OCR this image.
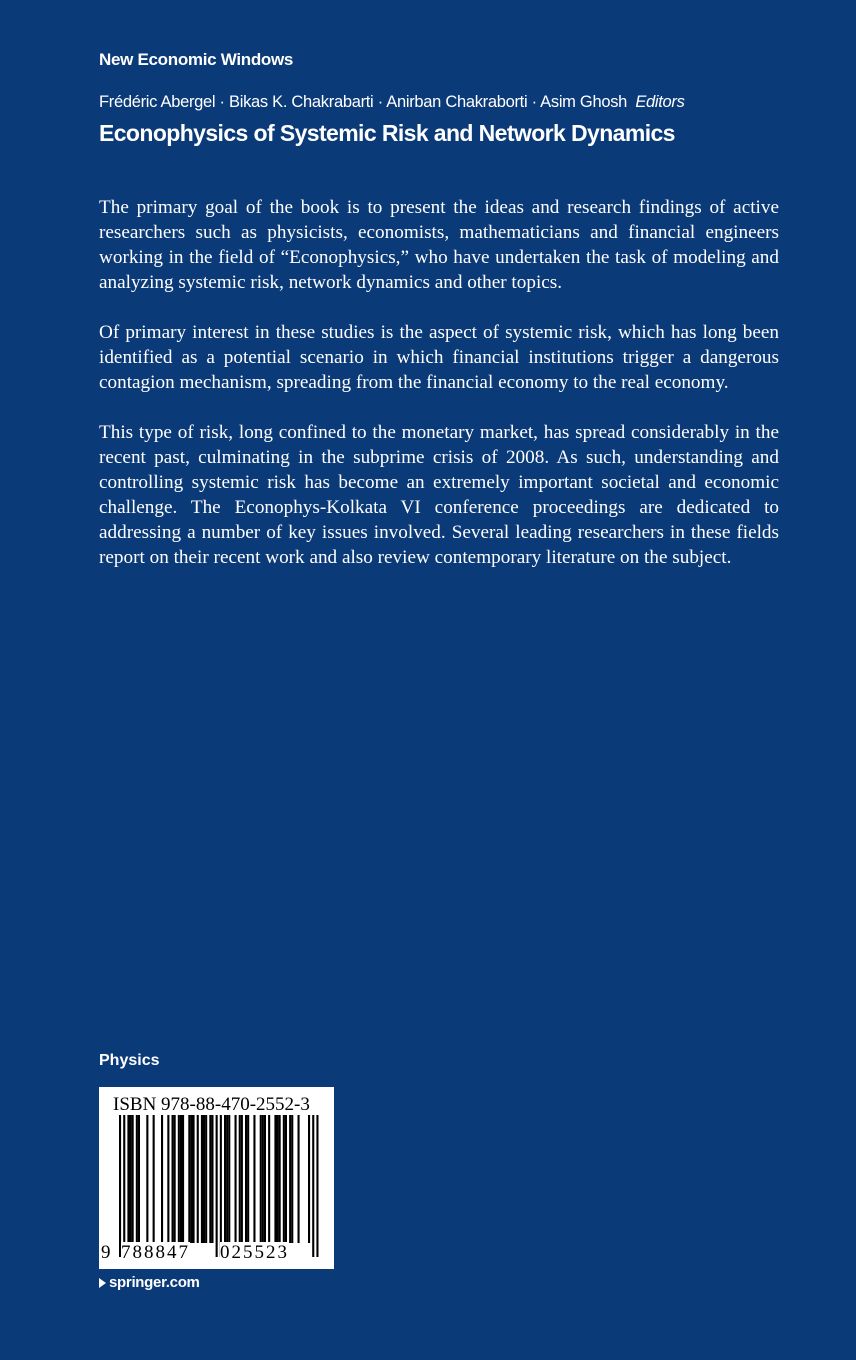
New Economic Windows
Frédéric Abergel · Bikas K. Chakrabarti · Anirban Chakraborti · Asim Ghosh Editors
Econophysics of Systemic Risk and Network Dynamics

The primary goal of the book is to present the ideas and research findings of active researchers such as physicists, economists, mathematicians and financial engineers working in the field of “Econophysics,” who have undertaken the task of modeling and analyzing systemic risk, network dynamics and other topics.

Of primary interest in these studies is the aspect of systemic risk, which has long been identified as a potential scenario in which financial institutions trigger a dangerous contagion mechanism, spreading from the financial economy to the real economy.

This type of risk, long confined to the monetary market, has spread considerably in the recent past, culminating in the subprime crisis of 2008. As such, understanding and controlling systemic risk has become an extremely important societal and economic challenge. The Econophys-Kolkata VI conference proceedings are dedicated to addressing a number of key issues involved. Several leading researchers in these fields report on their recent work and also review contemporary literature on the subject.

Physics
ISBN 978-88-470-2552-3
9 788847 025523
springer.com
